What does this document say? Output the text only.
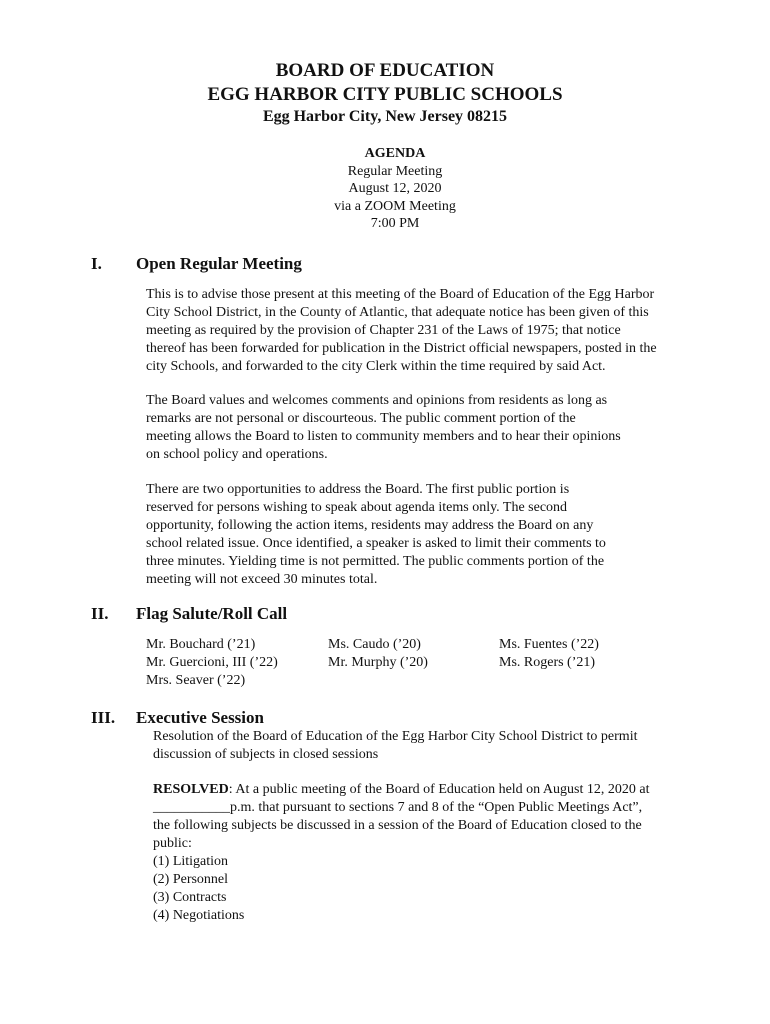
BOARD OF EDUCATION
EGG HARBOR CITY PUBLIC SCHOOLS
Egg Harbor City, New Jersey 08215
AGENDA
Regular Meeting
August 12, 2020
via a ZOOM Meeting
7:00 PM
I. Open Regular Meeting
This is to advise those present at this meeting of the Board of Education of the Egg Harbor
City School District, in the County of Atlantic, that adequate notice has been given of this
meeting as required by the provision of Chapter 231 of the Laws of 1975; that notice
thereof has been forwarded for publication in the District official newspapers, posted in the
city Schools, and forwarded to the city Clerk within the time required by said Act.
The Board values and welcomes comments and opinions from residents as long as
remarks are not personal or discourteous. The public comment portion of the
meeting allows the Board to listen to community members and to hear their opinions
on school policy and operations.
There are two opportunities to address the Board. The first public portion is
reserved for persons wishing to speak about agenda items only. The second
opportunity, following the action items, residents may address the Board on any
school related issue. Once identified, a speaker is asked to limit their comments to
three minutes. Yielding time is not permitted. The public comments portion of the
meeting will not exceed 30 minutes total.
II. Flag Salute/Roll Call
Mr. Bouchard (’21)	Ms. Caudo (’20)	Ms. Fuentes (’22)
Mr. Guercioni, III (’22)	Mr. Murphy (’20)	Ms. Rogers (’21)
Mrs. Seaver (’22)
III. Executive Session
Resolution of the Board of Education of the Egg Harbor City School District to permit
discussion of subjects in closed sessions
RESOLVED: At a public meeting of the Board of Education held on August 12, 2020 at
___________p.m. that pursuant to sections 7 and 8 of the “Open Public Meetings Act”,
the following subjects be discussed in a session of the Board of Education closed to the
public:
(1) Litigation
(2) Personnel
(3) Contracts
(4) Negotiations
